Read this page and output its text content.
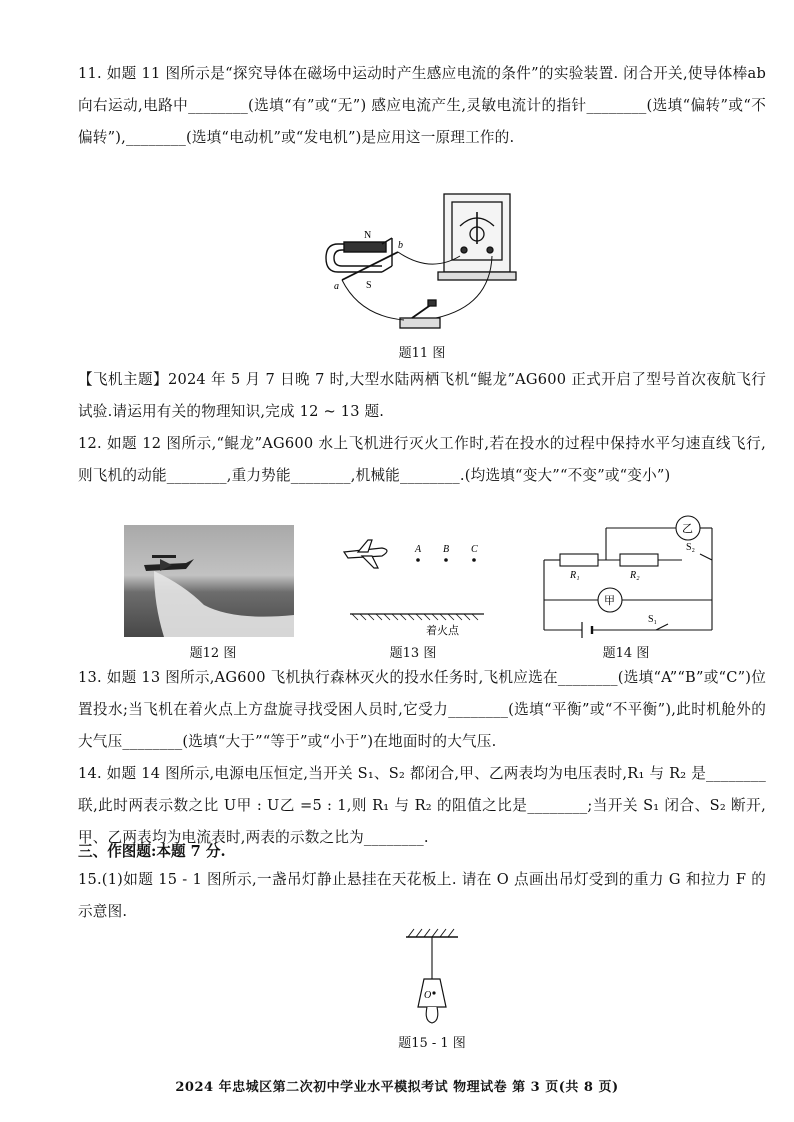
11. 如题 11 图所示是“探究导体在磁场中运动时产生感应电流的条件”的实验装置. 闭合开关,使导体棒ab 向右运动,电路中________(选填“有”或“无”) 感应电流产生,灵敏电流计的指针________(选填“偏转”或“不偏转”),________(选填“电动机”或“发电机”)是应用这一原理工作的.
N
S
a
b
题11 图
【飞机主题】2024 年 5 月 7 日晚 7 时,大型水陆两栖飞机“鲲龙”AG600 正式开启了型号首次夜航飞行试验.请运用有关的物理知识,完成 12 ~ 13 题.
12. 如题 12 图所示,“鲲龙”AG600 水上飞机进行灭火工作时,若在投水的过程中保持水平匀速直线飞行,则飞机的动能________,重力势能________,机械能________.(均选填“变大”“不变”或“变小”)
题12 图
A B C
着火点
题13 图
R₁	R₂
乙
甲
S₁
S₂
题14 图
13. 如题 13 图所示,AG600 飞机执行森林灭火的投水任务时,飞机应选在________(选填“A”“B”或“C”)位置投水;当飞机在着火点上方盘旋寻找受困人员时,它受力________(选填“平衡”或“不平衡”),此时机舱外的大气压________(选填“大于”“等于”或“小于”)在地面时的大气压.
14. 如题 14 图所示,电源电压恒定,当开关 S₁、S₂ 都闭合,甲、乙两表均为电压表时,R₁ 与 R₂ 是________联,此时两表示数之比 U甲 : U乙 =5 : 1,则 R₁ 与 R₂ 的阻值之比是________;当开关 S₁ 闭合、S₂ 断开,甲、乙两表均为电流表时,两表的示数之比为________.
三、作图题:本题 7 分.
15.(1)如题 15 - 1 图所示,一盏吊灯静止悬挂在天花板上. 请在 O 点画出吊灯受到的重力 G 和拉力 F 的示意图.
O
题15 - 1 图
2024 年忠城区第二次初中学业水平模拟考试 物理试卷 第 3 页(共 8 页)
